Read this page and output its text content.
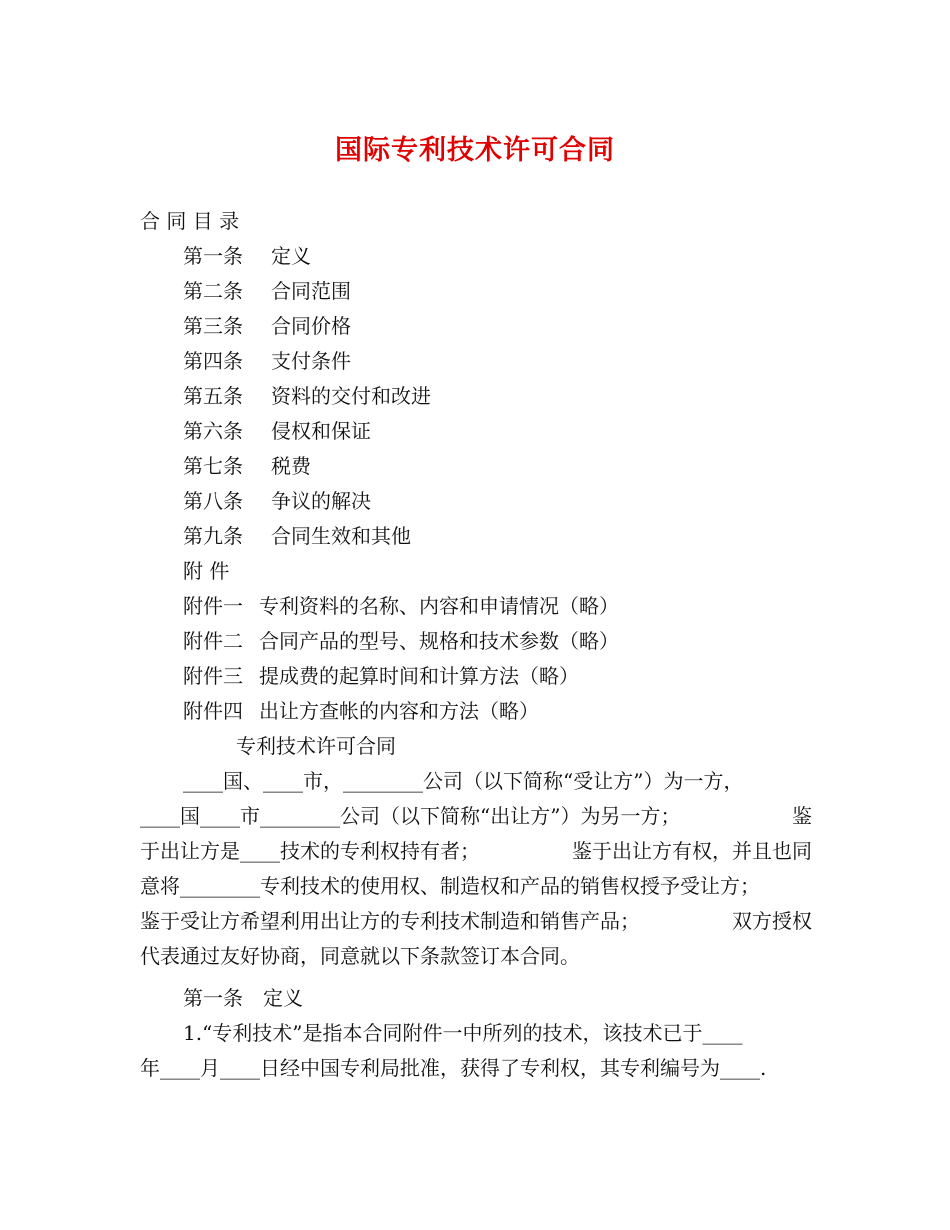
国际专利技术许可合同
合 同 目 录
第一条 定义
第二条 合同范围
第三条 合同价格
第四条 支付条件
第五条 资料的交付和改进
第六条 侵权和保证
第七条 税费
第八条 争议的解决
第九条 合同生效和其他
附 件
附件一 专利资料的名称、内容和申请情况（略）
附件二 合同产品的型号、规格和技术参数（略）
附件三 提成费的起算时间和计算方法（略）
附件四 出让方查帐的内容和方法（略）
专利技术许可合同
____国、____市，________公司（以下简称“受让方”）为一方，
____国____市________公司（以下简称“出让方”）为另一方；	鉴
于出让方是____技术的专利权持有者；	鉴于出让方有权，并且也同
意将________专利技术的使用权、制造权和产品的销售权授予受让方；
鉴于受让方希望利用出让方的专利技术制造和销售产品；	双方授权
代表通过友好协商，同意就以下条款签订本合同。
第一条　定义
1.“专利技术”是指本合同附件一中所列的技术，该技术已于____
年____月____日经中国专利局批准，获得了专利权，其专利编号为____.
